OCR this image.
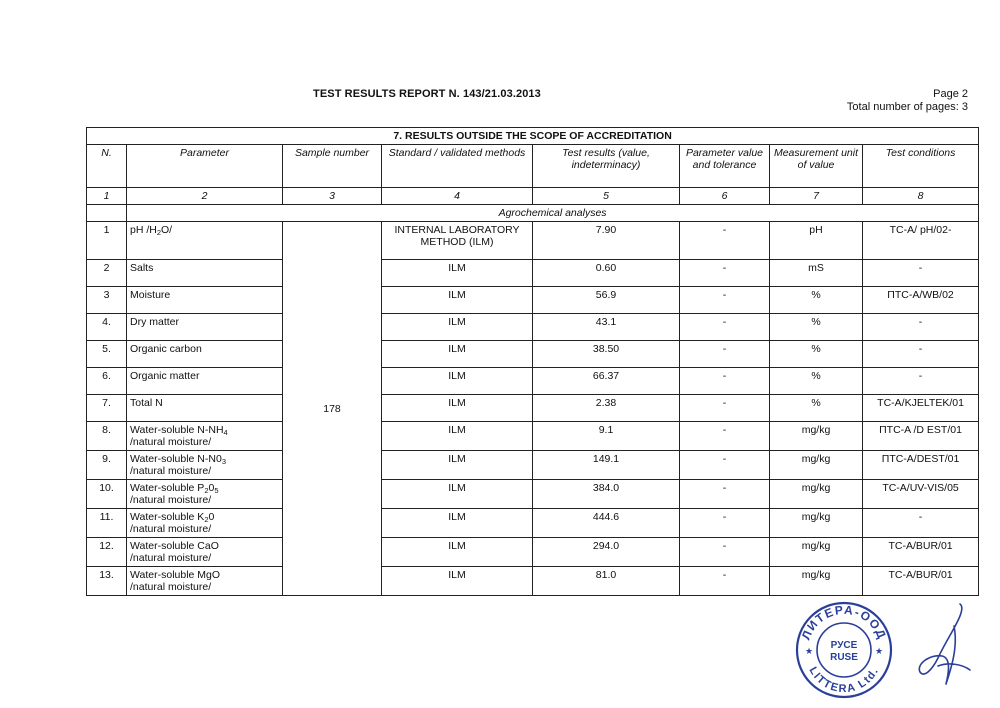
TEST RESULTS REPORT N. 143/21.03.2013	Page 2
Total number of pages: 3
7. RESULTS OUTSIDE THE SCOPE OF ACCREDITATION							
N.	Parameter	Sample number	Standard / validated methods	Test results (value, indeterminacy)	Parameter value and tolerance	Measurement unit of value	Test conditions
1	2	3	4	5	6	7	8
	Agrochemical analyses						
1	pH $/H_2O/$	178	INTERNAL LABORATORY METHOD (ILM)	7.90	-	pH	TC-A/ pH/02-
2	Salts		ILM	0.60	-	mS	-
3	Moisture		ILM	56.9	-	%	ПТС-A/WB/02
4.	Dry matter		ILM	43.1	-	%	-
5.	Organic carbon		ILM	38.50	-	%	-
6.	Organic matter		ILM	66.37	-	%	-
7.	Total N		ILM	2.38	-	%	TC-A/KJELTEK/01
8.	Water-soluble $N-NH_4$
/natural moisture/		ILM	9.1	-	mg/kg	ПТС-A /D EST/01
9.	Water-soluble $N-N0_3$
/natural moisture/		ILM	149.1	-	mg/kg	ПТС-A/DEST/01
10.	Water-soluble $P_20_5$
/natural moisture/		ILM	384.0	-	mg/kg	TC-A/UV-VIS/05
11.	Water-soluble $K_20$
/natural moisture/		ILM	444.6	-	mg/kg	-
12.	Water-soluble CaO
/natural moisture/		ILM	294.0	-	mg/kg	TC-A/BUR/01
13.	Water-soluble MgO
/natural moisture/		ILM	81.0	-	mg/kg	TC-A/BUR/01
ЛИТЕРА-ООД
LITTERA Ltd.
РУСЕ
RUSE
★	★
